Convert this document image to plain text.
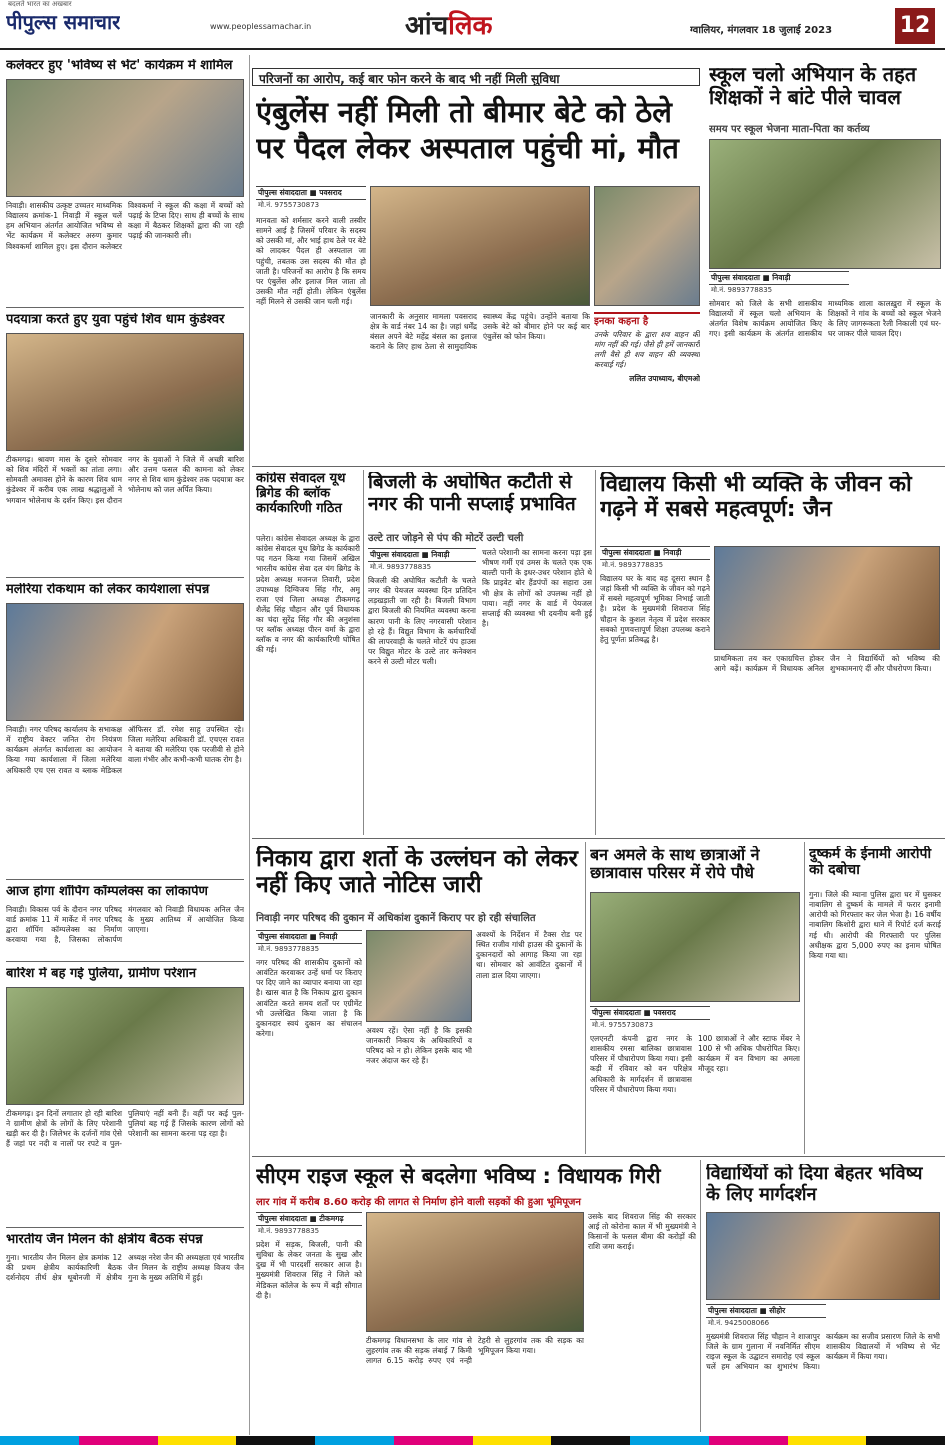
बदलते भारत का अखबार
पीपुल्स समाचार	www.peoplessamachar.in	आंचलिक	ग्वालियर, मंगलवार 18 जुलाई 2023	12
कलेक्टर हुए 'भविष्य से भेंट' कार्यक्रम में शामिल
निवाड़ी। शासकीय उत्कृष्ट उच्चतर माध्यमिक विद्यालय क्रमांक-1 निवाड़ी में स्कूल चलें हम अभियान अंतर्गत आयोजित भविष्य से भेंट कार्यक्रम में कलेक्टर अरुण कुमार विश्वकर्मा शामिल हुए। इस दौरान कलेक्टर विश्वकर्मा ने स्कूल की कक्षा में बच्चों को पढ़ाई के टिप्स दिए। साथ ही बच्चों के साथ कक्षा में बैठकर शिक्षकों द्वारा की जा रही पढ़ाई की जानकारी ली।
पदयात्रा करते हुए युवा पहुंचे शिव धाम कुंडेश्वर
टीकमगढ़। श्रावण मास के दूसरे सोमवार को शिव मंदिरों में भक्तों का तांता लगा। सोमवती अमावस होने के कारण शिव धाम कुंडेश्वर में करीब एक लाख श्रद्धालुओं ने भगवान भोलेनाथ के दर्शन किए। इस दौरान नगर के युवाओं ने जिले में अच्छी बारिश और उत्तम फसल की कामना को लेकर नगर से शिव धाम कुंडेश्वर तक पदयात्रा कर भोलेनाथ को जल अर्पित किया।
मलेरिया रोकथाम को लेकर कार्यशाला संपन्न
निवाड़ी। नगर परिषद कार्यालय के सभाकक्ष में राष्ट्रीय वेक्टर जनित रोग नियंत्रण कार्यक्रम अंतर्गत कार्यशाला का आयोजन किया गया कार्यशाला में जिला मलेरिया अधिकारी एच एस रावत व ब्लाक मेडिकल ऑफिसर डॉ. रमेश साहू उपस्थित रहे। जिला मलेरिया अधिकारी डॉ. एचएस रावत ने बताया की मलेरिया एक परजीवी से होने वाला गंभीर और कभी-कभी घातक रोग है।
आज होगा शॉपिंग कॉम्पलेक्स का लोकार्पण
निवाड़ी। विकास पर्व के दौरान नगर परिषद वार्ड क्रमांक 11 में मार्केट में नगर परिषद द्वारा शॉपिंग कॉम्पलेक्स का निर्माण करवाया गया है, जिसका लोकार्पण मंगलवार को निवाड़ी विधायक अनिल जैन के मुख्य आतिथ्य में आयोजित किया जाएगा।
बारिश में बह गई पुलिया, ग्रामीण परेशान
टीकमगढ़। इन दिनों लगातार हो रही बारिश ने ग्रामीण क्षेत्रों के लोगों के लिए परेशानी खड़ी कर दी है। जिलेभर के दर्जनों गांव ऐसे हैं जहां पर नदी व नालों पर रपटे व पुल-पुलियाएं नहीं बनी हैं। वहीं पर कई पुल-पुलियां बह गई हैं जिसके कारण लोगों को परेशानी का सामना करना पड़ रहा है।
भारतीय जैन मिलन की क्षेत्रीय बैठक संपन्न
गुना। भारतीय जैन मिलन क्षेत्र क्रमांक 12 की प्रथम क्षेत्रीय कार्यकारिणी बैठक दर्शनोदय तीर्थ क्षेत्र थूबोनजी में क्षेत्रीय अध्यक्ष नरेश जैन की अध्यक्षता एवं भारतीय जैन मिलन के राष्ट्रीय अध्यक्ष विजय जैन गुना के मुख्य अतिथि में हुई।
परिजनों का आरोप, कई बार फोन करने के बाद भी नहीं मिली सुविधा
एंबुलेंस नहीं मिली तो बीमार बेटे को ठेले पर पैदल लेकर अस्पताल पहुंची मां, मौत
पीपुल्स संवाददाता ■ पवसराद
मो.नं. 9755730873
मानवता को शर्मसार करने वाली तस्वीर सामने आई है जिसमें परिवार के सदस्य को उसकी मां, और भाई हाथ ठेले पर बेटे को लादकर पैदल ही अस्पताल जा पहुंची, तबतक उस सदस्य की मौत हो जाती है। परिजनों का आरोप है कि समय पर एंबुलेंस और इलाज मिल जाता तो उसकी मौत नहीं होती। लेकिन एंबुलेंस नहीं मिलने से उसकी जान चली गई।
जानकारी के अनुसार मामला पवसराद क्षेत्र के वार्ड नंबर 14 का है। जहां धर्मेंद्र बंसल अपने बेटे महेंद्र बंसल का इलाज कराने के लिए हाथ ठेला से सामुदायिक स्वास्थ्य केंद्र पहुंचे। उन्होंने बताया कि उसके बेटे को बीमार होने पर कई बार एंबुलेंस को फोन किया।
इनका कहना है
उनके परिवार के द्वारा शव वाहन की मांग नहीं की गई। जैसे ही हमें जानकारी लगी वैसे ही शव वाहन की व्यवस्था करवाई गई।
ललित उपाध्याय, बीएमओ
स्कूल चलो अभियान के तहत शिक्षकों ने बांटे पीले चावल
समय पर स्कूल भेजना माता-पिता का कर्तव्य
पीपुल्स संवाददाता ■ निवाड़ी
मो.नं. 9893778835
सोमवार को जिले के सभी शासकीय विद्यालयों में स्कूल चलो अभियान के अंतर्गत विशेष कार्यक्रम आयोजित किए गए। इसी कार्यक्रम के अंतर्गत शासकीय माध्यमिक शाला कालख़ुरा में स्कूल के शिक्षकों ने गांव के बच्चों को स्कूल भेजने के लिए जागरूकता रैली निकाली एवं घर-घर जाकर पीले चावल दिए।
कांग्रेस सेवादल यूथ ब्रिगेड की ब्लॉक कार्यकारिणी गठित
पलेरा। कांग्रेस सेवादल अध्यक्ष के द्वारा कांग्रेस सेवादल यूथ ब्रिगेड के कार्यकारी पद गठन किया गया जिसमें अखिल भारतीय कांग्रेस सेवा दल यंग ब्रिगेड के प्रदेश अध्यक्ष मजनज तिवारी, प्रदेश उपाध्यक्ष दिग्विजय सिंह गौर, अमू राजा एवं जिला अध्यक्ष टीकमगढ़ शैलेंद्र सिंह चौहान और पूर्व विधायक का चंदा सुरेंद्र सिंह गौर की अनुशंसा पर ब्लॉक अध्यक्ष पीरन वर्मा के द्वारा ब्लॉक व नगर की कार्यकारिणी घोषित की गई।
बिजली के अघोषित कटौती से नगर की पानी सप्लाई प्रभावित
उल्टे तार जोड़ने से पंप की मोटरें उल्टी चली
पीपुल्स संवाददाता ■ निवाड़ी
मो.नं. 9893778835
बिजली की अघोषित कटौती के चलते नगर की पेयजल व्यवस्था दिन प्रतिदिन लड़खड़ाती जा रही है। बिजली विभाग द्वारा बिजली की नियमित व्यवस्था करना कारण पानी के लिए नगरवासी परेशान हो रहे हैं। विद्युत विभाग के कर्मचारियों की लापरवाही के चलते मोटरें पंप हाउस पर विद्युत मोटर के उल्टे तार कनेक्शन करने से उल्टी मोटर चली।
चलते परेशानी का सामना करना पड़ा इस भीषण गर्मी एवं उमस के चलते एक एक बाल्टी पानी के इधर-उधर परेशान होते थे कि प्राइवेट बोर हैंडपंपों का सहारा उस भी क्षेत्र के लोगों को उपलब्ध नहीं हो पाया। नहीं नगर के वार्ड में पेयजल सप्लाई की व्यवस्था भी दयनीय बनी हुई है।
विद्यालय किसी भी व्यक्ति के जीवन को गढ़ने में सबसे महत्वपूर्ण: जैन
पीपुल्स संवाददाता ■ निवाड़ी
मो.नं. 9893778835
विद्यालय घर के बाद वह दूसरा स्थान है जहां किसी भी व्यक्ति के जीवन को गढ़ने में सबसे महत्वपूर्ण भूमिका निभाई जाती है। प्रदेश के मुख्यमंत्री शिवराज सिंह चौहान के कुशल नेतृत्व में प्रदेश सरकार सबको गुणवत्तापूर्ण शिक्षा उपलब्ध कराने हेतु पूर्णतः प्रतिबद्ध है।
प्राथमिकता तय कर एकाग्रचित्त होकर आगे बढ़ें। कार्यक्रम में विधायक अनिल जैन ने विद्यार्थियों को भविष्य की शुभकामनाएं दीं और पौधरोपण किया।
निकाय द्वारा शर्तो के उल्लंघन को लेकर नहीं किए जाते नोटिस जारी
निवाड़ी नगर परिषद की दुकान में अधिकांश दुकानें किराए पर हो रही संचालित
पीपुल्स संवाददाता ■ निवाड़ी
मो.नं. 9893778835
नगर परिषद की शासकीय दुकानों को आवंटित करवाकर उन्हें धर्मा पर किराए पर दिए जाने का व्यापार बनाया जा रहा है। खास बात है कि निकाय द्वारा दुकान आवंटित करते समय शर्तों पर एग्रीमेंट भी उल्लेखित किया जाता है कि दुकानदार स्वयं दुकान का संचालन करेगा।	अवश्य रहें। ऐसा नहीं है कि इसकी जानकारी निकाय के अधिकारियों व परिषद को न हो। लेकिन इसके बाद भी नजर अंदाज कर रहे हैं।
अवश्यों के निर्देशन में टैक्स रोड पर स्थित राजीव गांधी हाउस की दुकानों के दुकानदारों को आगाह किया जा रहा था। सोमवार को आवंटित दुकानों में ताला डाल दिया जाएगा।
बन अमले के साथ छात्राओं ने छात्रावास परिसर में रोपे पौधे
पीपुल्स संवाददाता ■ पवसराद
मो.नं. 9755730873
एलएनटी कंपनी द्वारा नगर के शासकीय रमसा बालिका छात्रावास परिसर में पौधारोपण किया गया। इसी कड़ी में रविवार को वन परिक्षेत्र अधिकारी के मार्गदर्शन में छात्रावास परिसर में पौधारोपण किया गया।
100 छात्राओं ने और स्टाफ मेंबर ने 100 से भी अधिक पौधरोपित किए। कार्यक्रम में वन विभाग का अमला मौजूद रहा।
दुष्कर्म के ईनामी आरोपी को दबोचा
गुना। जिले की म्याना पुलिस द्वारा घर में घुसकर नाबालिग से दुष्कर्म के मामले में फरार इनामी आरोपी को गिरफ्तार कर जेल भेजा है। 16 वर्षीय नाबालिग किशोरी द्वारा थाने में रिपोर्ट दर्ज कराई गई थी। आरोपी की गिरफ्तारी पर पुलिस अधीक्षक द्वारा 5,000 रुपए का इनाम घोषित किया गया था।
सीएम राइज स्कूल से बदलेगा भविष्य : विधायक गिरी
लार गांव में करीब 8.60 करोड़ की लागत से निर्माण होने वाली सड़कों की हुआ भूमिपूजन
पीपुल्स संवाददाता ■ टीकमगढ़
मो.नं. 9893778835
प्रदेश में सड़क, बिजली, पानी की सुविधा के लेकर जनता के सुख और दुख में भी पारदर्शी सरकार आज है। मुख्यमंत्री शिवराज सिंह ने जिले को मेडिकल कॉलेज के रूप में बड़ी सौगात दी है।
टीकमगढ़ विधानसभा के लार गांव से लुहरगांव तक की सड़क लंबाई 7 किमी लागत 6.15 करोड़ रुपए एवं नन्ही टेहरी से लुहरगांव तक की सड़क का भूमिपूजन किया गया।
उसके बाद शिवराज सिंह की सरकार आई तो कोरोना काल में भी मुख्यमंत्री ने किसानों के फसल बीमा की करोड़ों की राशि जमा कराई।
विद्यार्थियों को दिया बेहतर भविष्य के लिए मार्गदर्शन
पीपुल्स संवाददाता ■ सीहोर
मो.नं. 9425008066
मुख्यमंत्री शिवराज सिंह चौहान ने शाजापुर जिले के ग्राम गुलाना में नवनिर्मित सीएम राइज स्कूल के उद्घाटन समारोह एवं स्कूल चलें हम अभियान का शुभारंभ किया। कार्यक्रम का सजीव प्रसारण जिले के सभी शासकीय विद्यालयों में भविष्य से भेंट कार्यक्रम में किया गया।
